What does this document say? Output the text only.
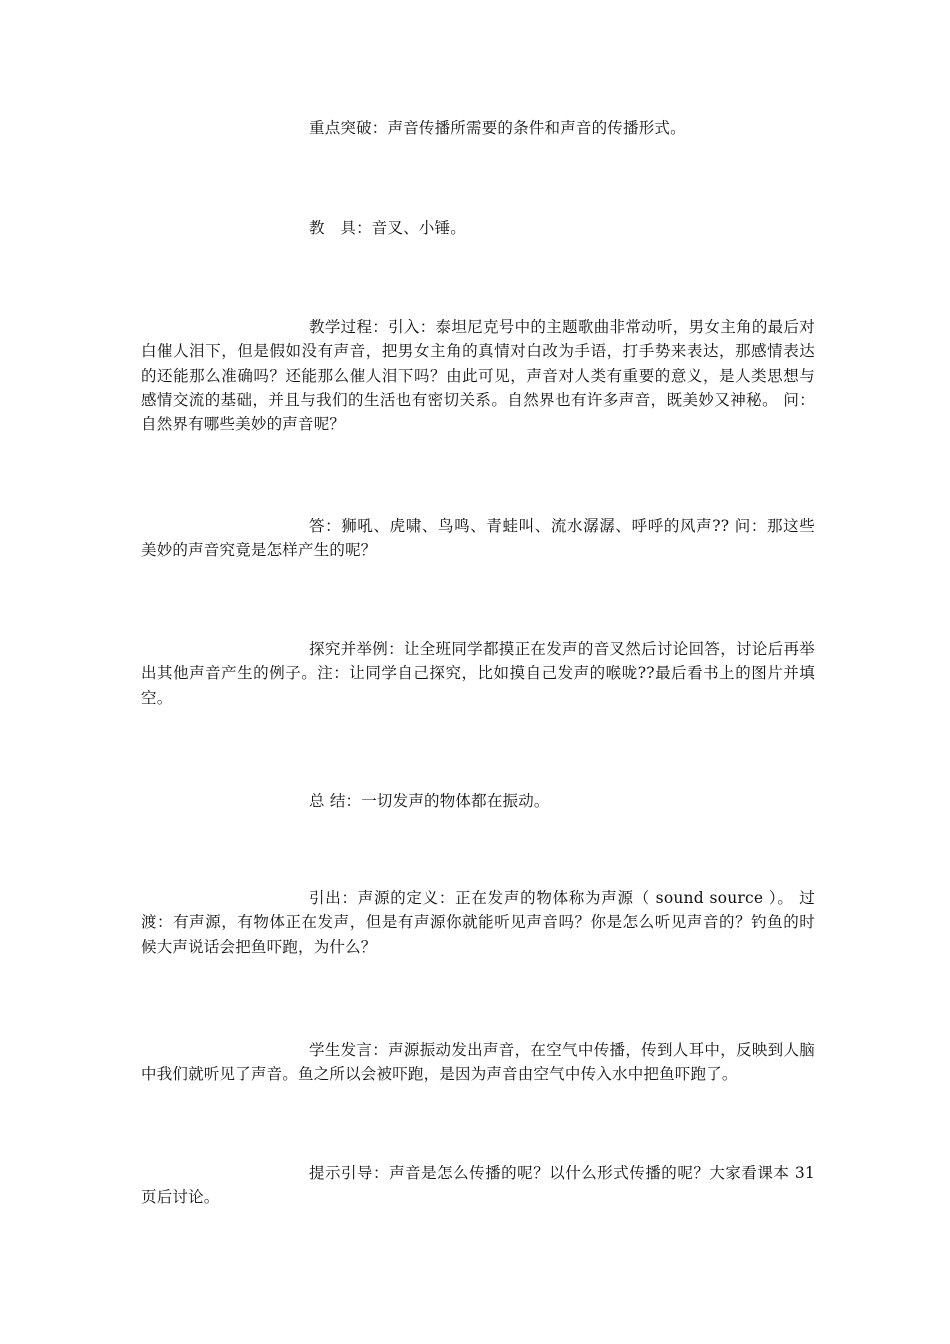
重点突破：声音传播所需要的条件和声音的传播形式。

教　具：音叉、小锤。

教学过程：引入：泰坦尼克号中的主题歌曲非常动听，男女主角的最后对白催人泪下，但是假如没有声音，把男女主角的真情对白改为手语，打手势来表达，那感情表达的还能那么准确吗？还能那么催人泪下吗？由此可见，声音对人类有重要的意义，是人类思想与感情交流的基础，并且与我们的生活也有密切关系。自然界也有许多声音，既美妙又神秘。 问：自然界有哪些美妙的声音呢？

答：狮吼、虎啸、鸟鸣、青蛙叫、流水潺潺、呼呼的风声?? 问：那这些美妙的声音究竟是怎样产生的呢？

探究并举例：让全班同学都摸正在发声的音叉然后讨论回答，讨论后再举出其他声音产生的例子。注：让同学自己探究，比如摸自己发声的喉咙??最后看书上的图片并填空。

总 结：一切发声的物体都在振动。

引出：声源的定义：正在发声的物体称为声源（ sound source ）。 过渡：有声源，有物体正在发声，但是有声源你就能听见声音吗？你是怎么听见声音的？钓鱼的时候大声说话会把鱼吓跑，为什么？

学生发言：声源振动发出声音，在空气中传播，传到人耳中，反映到人脑中我们就听见了声音。鱼之所以会被吓跑，是因为声音由空气中传入水中把鱼吓跑了。

提示引导：声音是怎么传播的呢？以什么形式传播的呢？大家看课本 31 页后讨论。
